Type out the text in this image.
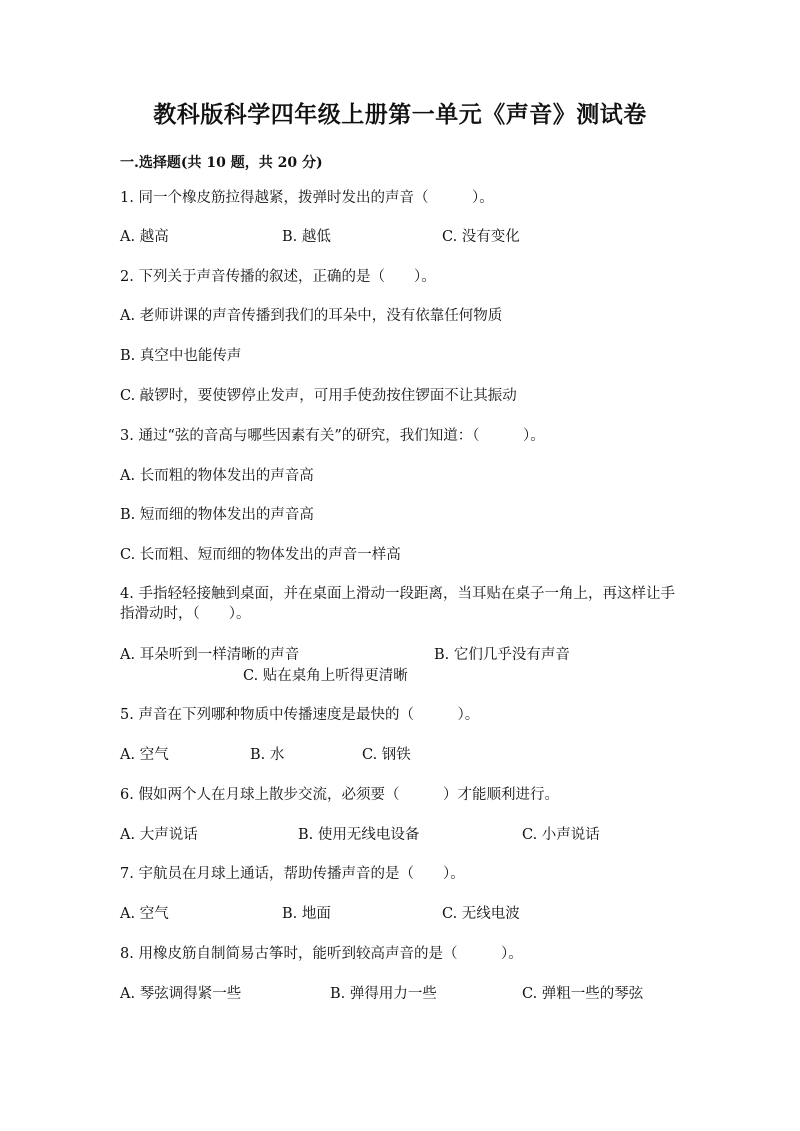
教科版科学四年级上册第一单元《声音》测试卷
一.选择题(共 10 题，共 20 分)
1. 同一个橡皮筋拉得越紧，拨弹时发出的声音（　　　）。
A. 越高	B. 越低	C. 没有变化
2. 下列关于声音传播的叙述，正确的是（　　）。
A. 老师讲课的声音传播到我们的耳朵中，没有依靠任何物质
B. 真空中也能传声
C. 敲锣时，要使锣停止发声，可用手使劲按住锣面不让其振动
3. 通过“弦的音高与哪些因素有关”的研究，我们知道：（　　　）。
A. 长而粗的物体发出的声音高
B. 短而细的物体发出的声音高
C. 长而粗、短而细的物体发出的声音一样高
4. 手指轻轻接触到桌面，并在桌面上滑动一段距离，当耳贴在桌子一角上，再这样让手指滑动时，（　　）。
A. 耳朵听到一样清晰的声音	B. 它们几乎没有声音
C. 贴在桌角上听得更清晰
5. 声音在下列哪种物质中传播速度是最快的（　　　）。
A. 空气	B. 水	C. 钢铁
6. 假如两个人在月球上散步交流，必须要（　　　）才能顺利进行。
A. 大声说话	B. 使用无线电设备	C. 小声说话
7. 宇航员在月球上通话，帮助传播声音的是（　　）。
A. 空气	B. 地面	C. 无线电波
8. 用橡皮筋自制简易古筝时，能听到较高声音的是（　　　）。
A. 琴弦调得紧一些	B. 弹得用力一些	C. 弹粗一些的琴弦
